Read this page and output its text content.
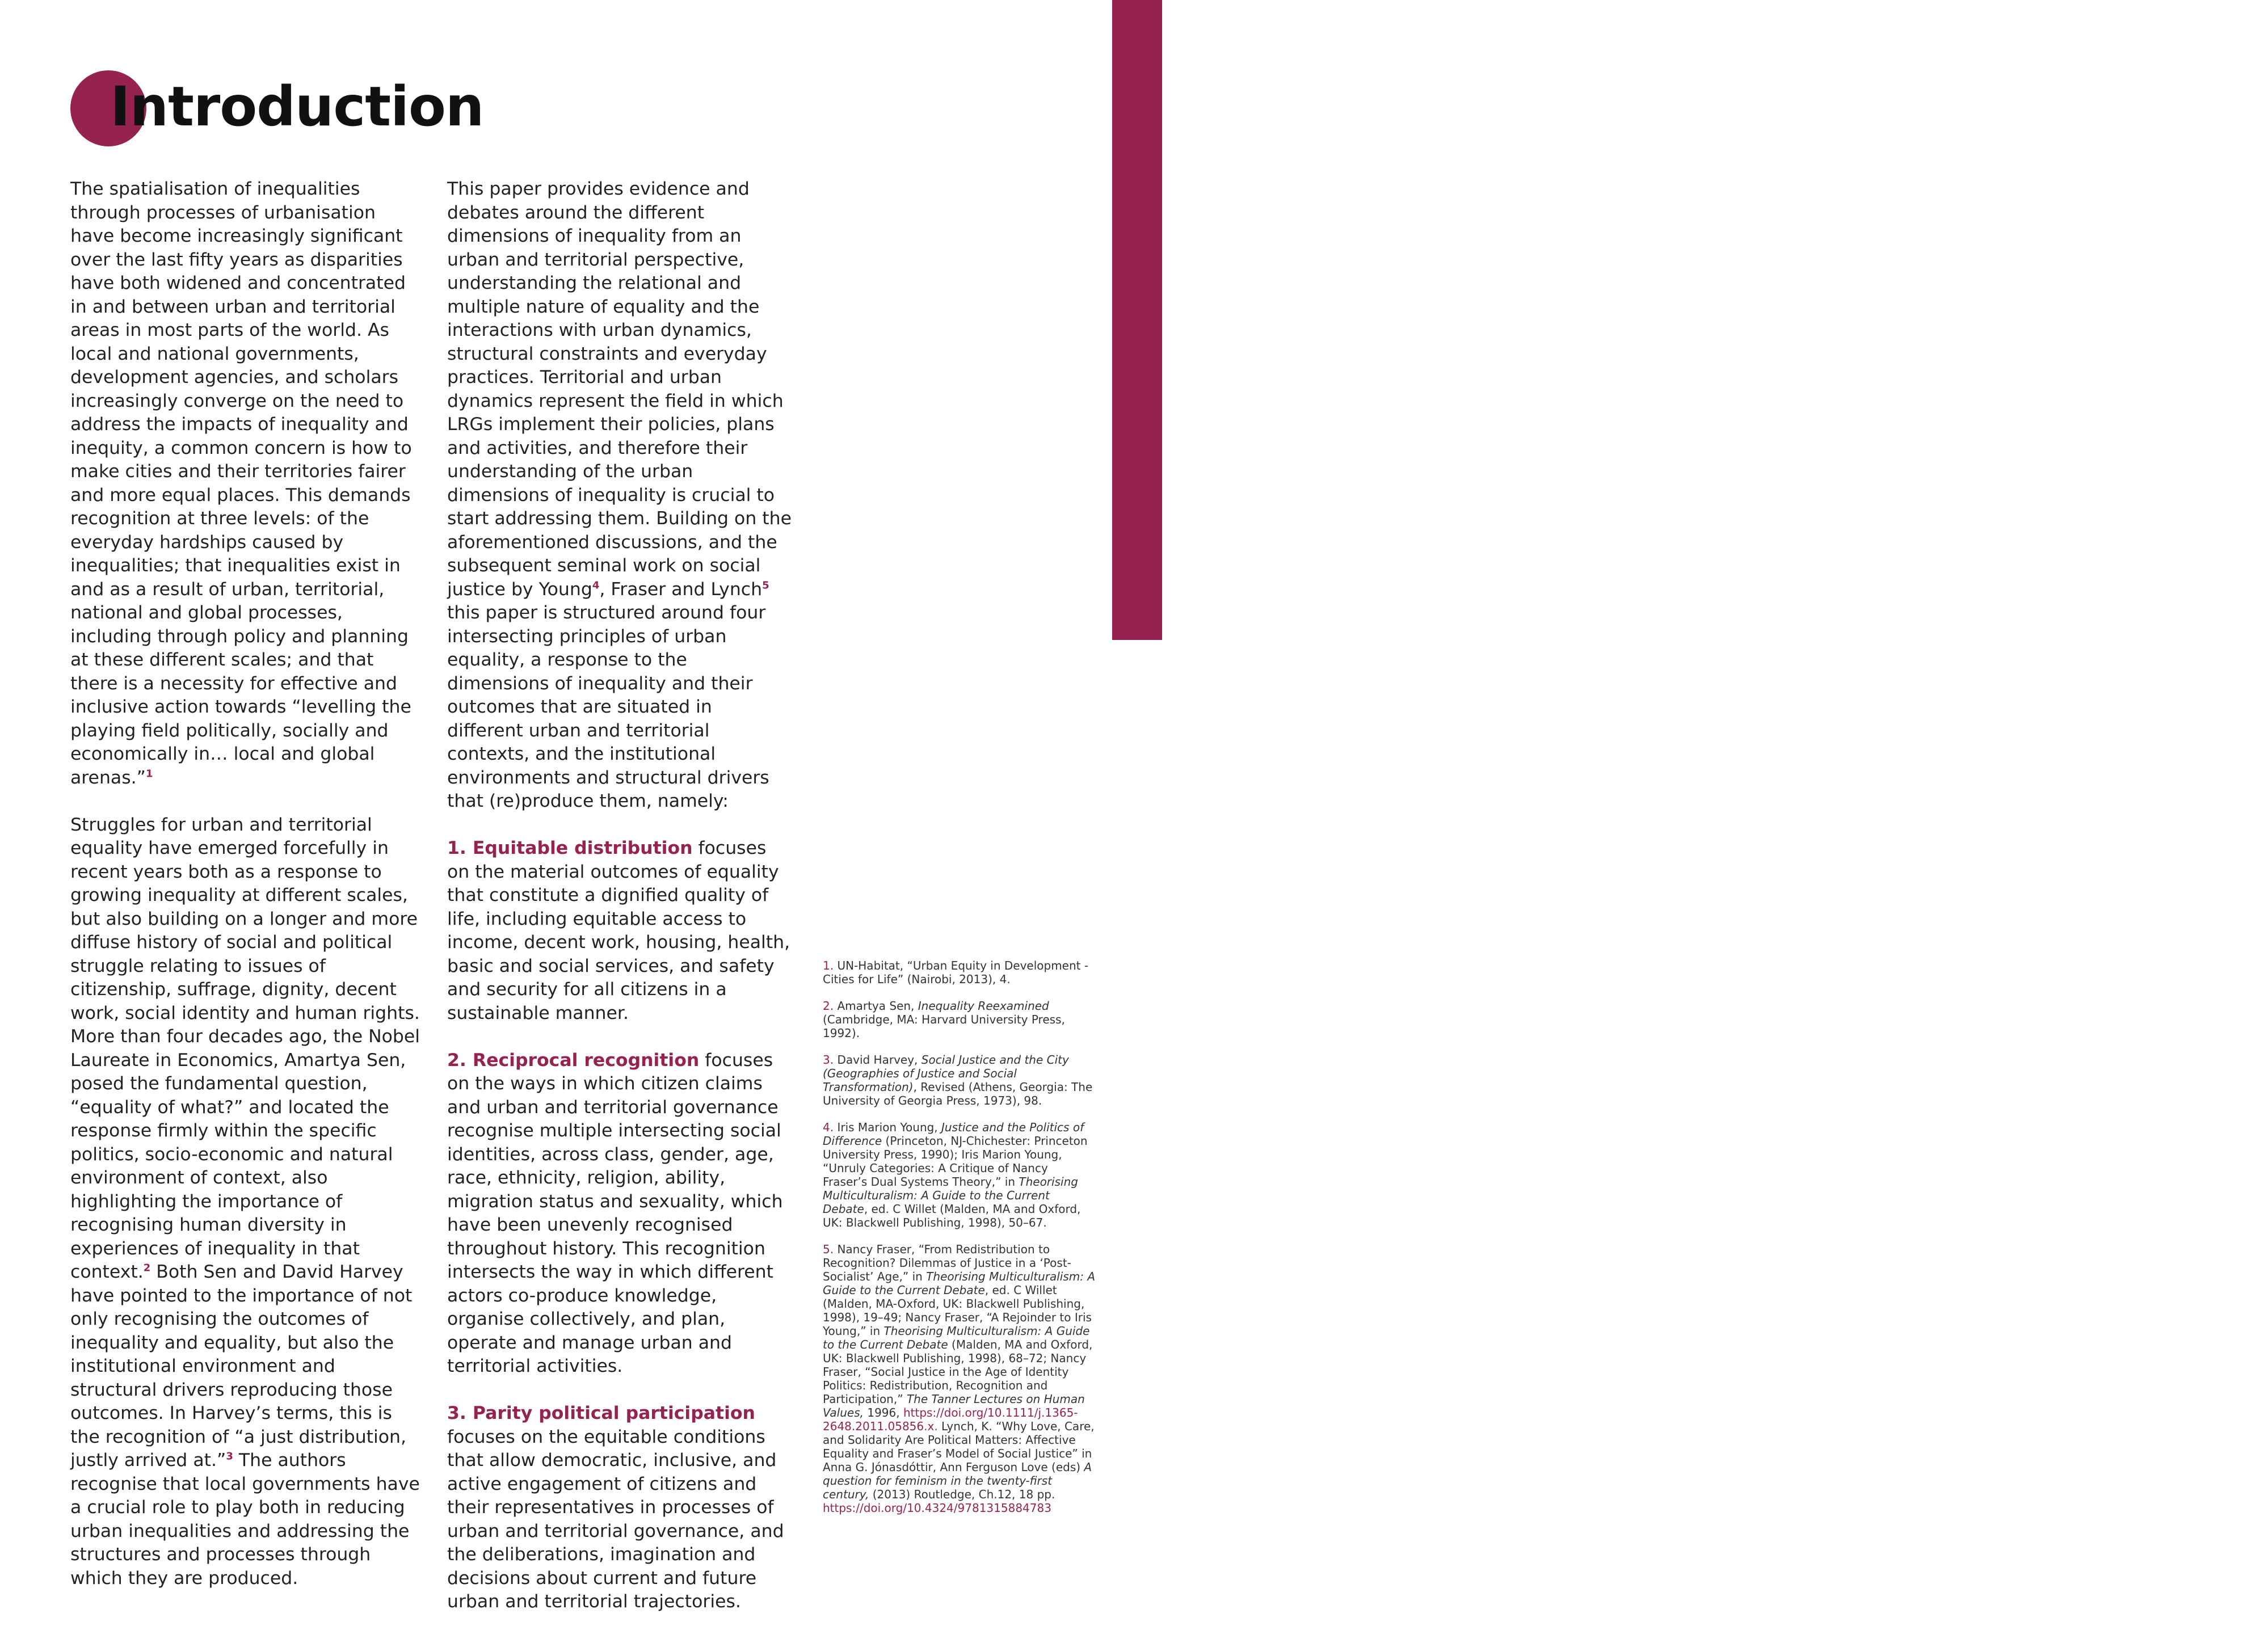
GOLD VI Working Paper #01|Yap, Cociña & Levy|03
Introduction

The spatialisation of inequalities through processes of urbanisation have become increasingly significant over the last fifty years as disparities have both widened and concentrated in and between urban and territorial areas in most parts of the world. As local and national governments, development agencies, and scholars increasingly converge on the need to address the impacts of inequality and inequity, a common concern is how to make cities and their territories fairer and more equal places. This demands recognition at three levels: of the everyday hardships caused by inequalities; that inequalities exist in and as a result of urban, territorial, national and global processes, including through policy and planning at these different scales; and that there is a necessity for effective and inclusive action towards “levelling the playing field politically, socially and economically in… local and global arenas.”$^1$

Struggles for urban and territorial equality have emerged forcefully in recent years both as a response to growing inequality at different scales, but also building on a longer and more diffuse history of social and political struggle relating to issues of citizenship, suffrage, dignity, decent work, social identity and human rights. More than four decades ago, the Nobel Laureate in Economics, Amartya Sen, posed the fundamental question, “equality of what?” and located the response firmly within the specific politics, socio-economic and natural environment of context, also highlighting the importance of recognising human diversity in experiences of inequality in that context.$^2$ Both Sen and David Harvey have pointed to the importance of not only recognising the outcomes of inequality and equality, but also the institutional environment and structural drivers reproducing those outcomes. In Harvey’s terms, this is the recognition of “a just distribution, justly arrived at.”$^3$ The authors recognise that local governments have a crucial role to play both in reducing urban inequalities and addressing the structures and processes through which they are produced.

This paper provides evidence and debates around the different dimensions of inequality from an urban and territorial perspective, understanding the relational and multiple nature of equality and the interactions with urban dynamics, structural constraints and everyday practices. Territorial and urban dynamics represent the field in which LRGs implement their policies, plans and activities, and therefore their understanding of the urban dimensions of inequality is crucial to start addressing them. Building on the aforementioned discussions, and the subsequent seminal work on social justice by Young$^4$, Fraser and Lynch$^5$ this paper is structured around four intersecting principles of urban equality, a response to the dimensions of inequality and their outcomes that are situated in different urban and territorial contexts, and the institutional environments and structural drivers that (re)produce them, namely:

1. Equitable distribution focuses on the material outcomes of equality that constitute a dignified quality of life, including equitable access to income, decent work, housing, health, basic and social services, and safety and security for all citizens in a sustainable manner.

2. Reciprocal recognition focuses on the ways in which citizen claims and urban and territorial governance recognise multiple intersecting social identities, across class, gender, age, race, ethnicity, religion, ability, migration status and sexuality, which have been unevenly recognised throughout history. This recognition intersects the way in which different actors co-produce knowledge, organise collectively, and plan, operate and manage urban and territorial activities.

3. Parity political participation focuses on the equitable conditions that allow democratic, inclusive, and active engagement of citizens and their representatives in processes of urban and territorial governance, and the deliberations, imagination and decisions about current and future urban and territorial trajectories.

1. UN-Habitat, “Urban Equity in Development - Cities for Life” (Nairobi, 2013), 4.
2. Amartya Sen, Inequality Reexamined (Cambridge, MA: Harvard University Press, 1992).
3. David Harvey, Social Justice and the City (Geographies of Justice and Social Transformation), Revised (Athens, Georgia: The University of Georgia Press, 1973), 98.
4. Iris Marion Young, Justice and the Politics of Difference (Princeton, NJ-Chichester: Princeton University Press, 1990); Iris Marion Young, “Unruly Categories: A Critique of Nancy Fraser’s Dual Systems Theory,” in Theorising Multiculturalism: A Guide to the Current Debate, ed. C Willet (Malden, MA and Oxford, UK: Blackwell Publishing, 1998), 50–67.
5. Nancy Fraser, “From Redistribution to Recognition? Dilemmas of Justice in a ‘Post- Socialist’ Age,” in Theorising Multiculturalism: A Guide to the Current Debate, ed. C Willet (Malden, MA-Oxford, UK: Blackwell Publishing, 1998), 19–49; Nancy Fraser, “A Rejoinder to Iris Young,” in Theorising Multiculturalism: A Guide to the Current Debate (Malden, MA and Oxford, UK: Blackwell Publishing, 1998), 68–72; Nancy Fraser, “Social Justice in the Age of Identity Politics: Redistribution, Recognition and Participation,” The Tanner Lectures on Human Values, 1996, https://doi.org/10.1111/j.1365-2648.2011.05856.x. Lynch, K. “Why Love, Care, and Solidarity Are Political Matters: Affective Equality and Fraser’s Model of Social Justice” in Anna G. Jónasdóttir, Ann Ferguson Love (eds) A question for feminism in the twenty-first century, (2013) Routledge, Ch.12, 18 pp. https://doi.org/10.4324/9781315884783
